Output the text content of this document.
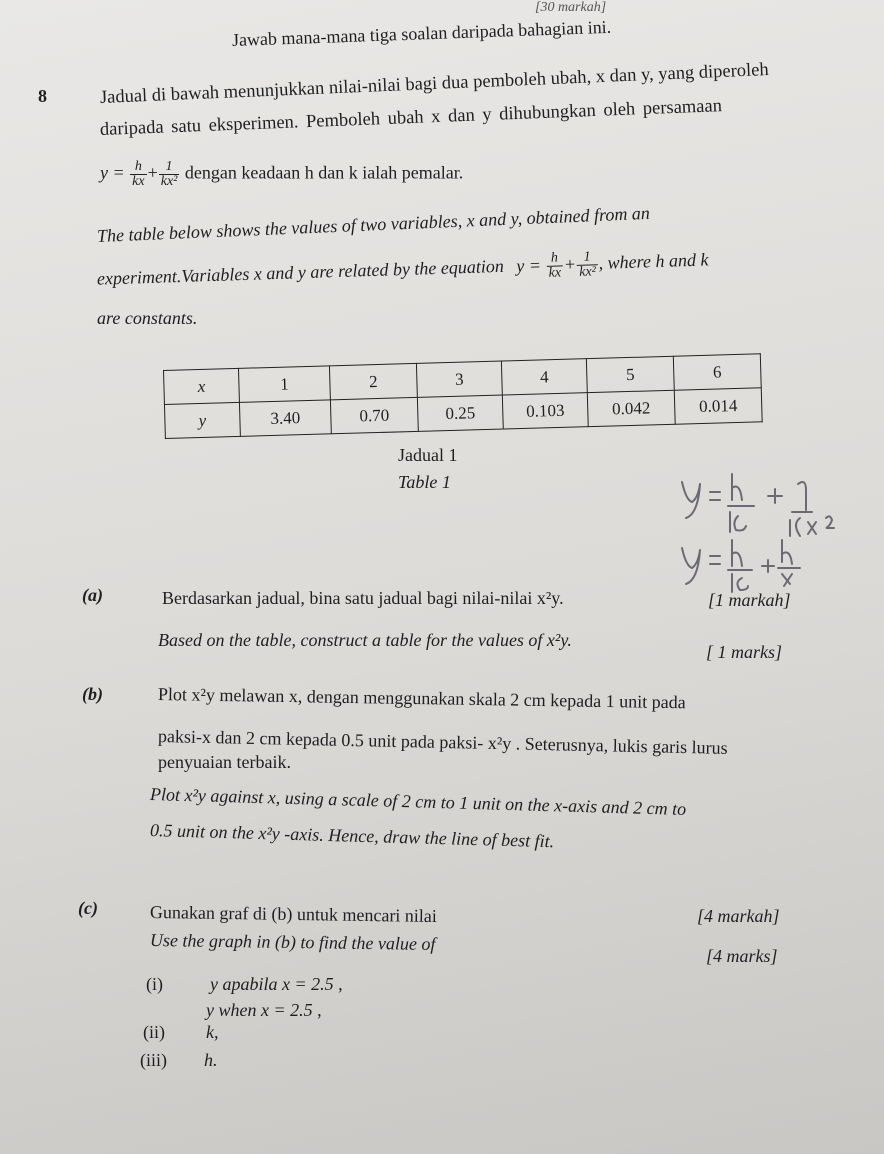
[30 markah]
Jawab mana-mana tiga soalan daripada bahagian ini.
8	Jadual di bawah menunjukkan nilai-nilai bagi dua pemboleh ubah, x dan y, yang diperoleh
daripada satu eksperimen. Pemboleh ubah x dan y dihubungkan oleh persamaan
$y = \frac{h}{kx} + \frac{1}{\text{kx²}}$ dengan keadaan h dan k ialah pemalar.
The table below shows the values of two variables, x and y, obtained from an
experiment.Variables x and y are related by the equation $y = \frac{h}{kx} + \frac{1}{\text{kx²}}$ , where h and k
are constants.
x	1	2	3	4	5	6
y	3.40	0.70	0.25	0.103	0.042	0.014
Jadual 1
Table 1
(a)	Berdasarkan jadual, bina satu jadual bagi nilai-nilai x²y.	[1 markah]
Based on the table, construct a table for the values of x²y.
[ 1 marks]
(b)	Plot x²y melawan x, dengan menggunakan skala 2 cm kepada 1 unit pada
paksi-x dan 2 cm kepada 0.5 unit pada paksi- x²y . Seterusnya, lukis garis lurus
penyuaian terbaik.
Plot x²y against x, using a scale of 2 cm to 1 unit on the x-axis and 2 cm to
0.5 unit on the x²y -axis. Hence, draw the line of best fit.
(c)	Gunakan graf di (b) untuk mencari nilai	[4 markah]
Use the graph in (b) to find the value of
[4 marks]
(i)	y apabila x = 2.5 ,
y when x = 2.5 ,
(ii) k,
(iii) h.
